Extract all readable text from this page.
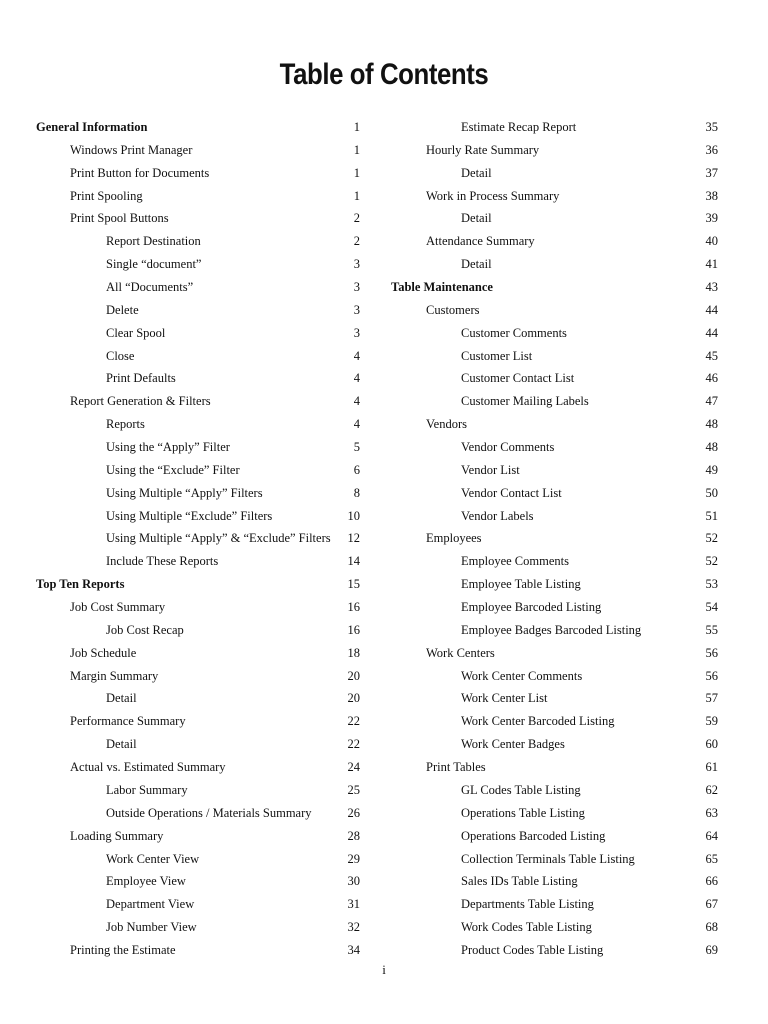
Table of Contents
General Information	1
Windows Print Manager	1
Print Button for Documents	1
Print Spooling	1
Print Spool Buttons	2
Report Destination	2
Single “document”	3
All “Documents”	3
Delete	3
Clear Spool	3
Close	4
Print Defaults	4
Report Generation & Filters	4
Reports	4
Using the “Apply” Filter	5
Using the “Exclude” Filter	6
Using Multiple “Apply” Filters	8
Using Multiple “Exclude” Filters	10
Using Multiple “Apply” & “Exclude” Filters 12
Include These Reports	14
Top Ten Reports	15
Job Cost Summary	16
Job Cost Recap	16
Job Schedule	18
Margin Summary	20
Detail	20
Performance Summary	22
Detail	22
Actual vs. Estimated Summary	24
Labor Summary	25
Outside Operations / Materials Summary	26
Loading Summary	28
Work Center View	29
Employee View	30
Department View	31
Job Number View	32
Printing the Estimate	34
Estimate Recap Report	35
Hourly Rate Summary	36
Detail	37
Work in Process Summary	38
Detail	39
Attendance Summary	40
Detail	41
Table Maintenance	43
Customers	44
Customer Comments	44
Customer List	45
Customer Contact List	46
Customer Mailing Labels	47
Vendors	48
Vendor Comments	48
Vendor List	49
Vendor Contact List	50
Vendor Labels	51
Employees	52
Employee Comments	52
Employee Table Listing	53
Employee Barcoded Listing	54
Employee Badges Barcoded Listing	55
Work Centers	56
Work Center Comments	56
Work Center List	57
Work Center Barcoded Listing	59
Work Center Badges	60
Print Tables	61
GL Codes Table Listing	62
Operations Table Listing	63
Operations Barcoded Listing	64
Collection Terminals Table Listing	65
Sales IDs Table Listing	66
Departments Table Listing	67
Work Codes Table Listing	68
Product Codes Table Listing	69
i
